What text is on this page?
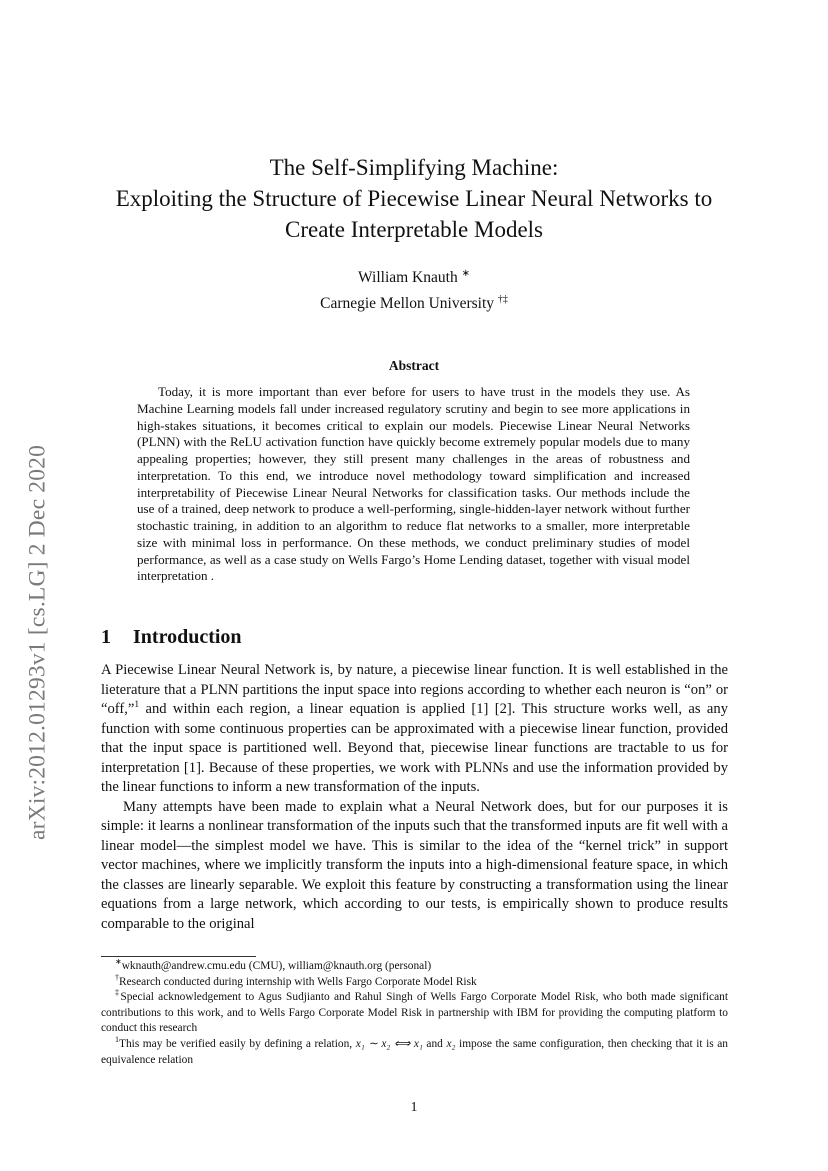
arXiv:2012.01293v1 [cs.LG] 2 Dec 2020
The Self-Simplifying Machine:
Exploiting the Structure of Piecewise Linear Neural Networks to
Create Interpretable Models
William Knauth ∗
Carnegie Mellon University †‡
Abstract

Today, it is more important than ever before for users to have trust in the models they use. As Machine Learning models fall under increased regulatory scrutiny and begin to see more applications in high-stakes situations, it becomes critical to explain our models. Piecewise Linear Neural Networks (PLNN) with the ReLU activation function have quickly become extremely popular models due to many appealing properties; however, they still present many challenges in the areas of robustness and interpretation. To this end, we introduce novel methodology toward simplification and increased interpretability of Piecewise Linear Neural Networks for classification tasks. Our methods include the use of a trained, deep network to produce a well-performing, single-hidden-layer network without further stochastic training, in addition to an algorithm to reduce flat networks to a smaller, more interpretable size with minimal loss in performance. On these methods, we conduct preliminary studies of model performance, as well as a case study on Wells Fargo’s Home Lending dataset, together with visual model interpretation .

1 Introduction

A Piecewise Linear Neural Network is, by nature, a piecewise linear function. It is well established in the lieterature that a PLNN partitions the input space into regions according to whether each neuron is “on” or “off,”$^1$ and within each region, a linear equation is applied [1] [2]. This structure works well, as any function with some continuous properties can be approximated with a piecewise linear function, provided that the input space is partitioned well. Beyond that, piecewise linear functions are tractable to us for interpretation [1]. Because of these properties, we work with PLNNs and use the information provided by the linear functions to inform a new transformation of the inputs.

Many attempts have been made to explain what a Neural Network does, but for our purposes it is simple: it learns a nonlinear transformation of the inputs such that the transformed inputs are fit well with a linear model—the simplest model we have. This is similar to the idea of the “kernel trick” in support vector machines, where we implicitly transform the inputs into a high-dimensional feature space, in which the classes are linearly separable. We exploit this feature by constructing a transformation using the linear equations from a large network, which according to our tests, is empirically shown to produce results comparable to the original

∗wknauth@andrew.cmu.edu (CMU), william@knauth.org (personal)

†Research conducted during internship with Wells Fargo Corporate Model Risk

‡Special acknowledgement to Agus Sudjianto and Rahul Singh of Wells Fargo Corporate Model Risk, who both made significant contributions to this work, and to Wells Fargo Corporate Model Risk in partnership with IBM for providing the computing platform to conduct this research

$^1$This may be verified easily by defining a relation, x₁ ∼ x₂ ⟺ x₁ and x₂ impose the same configuration, then checking that it is an equivalence relation

1
